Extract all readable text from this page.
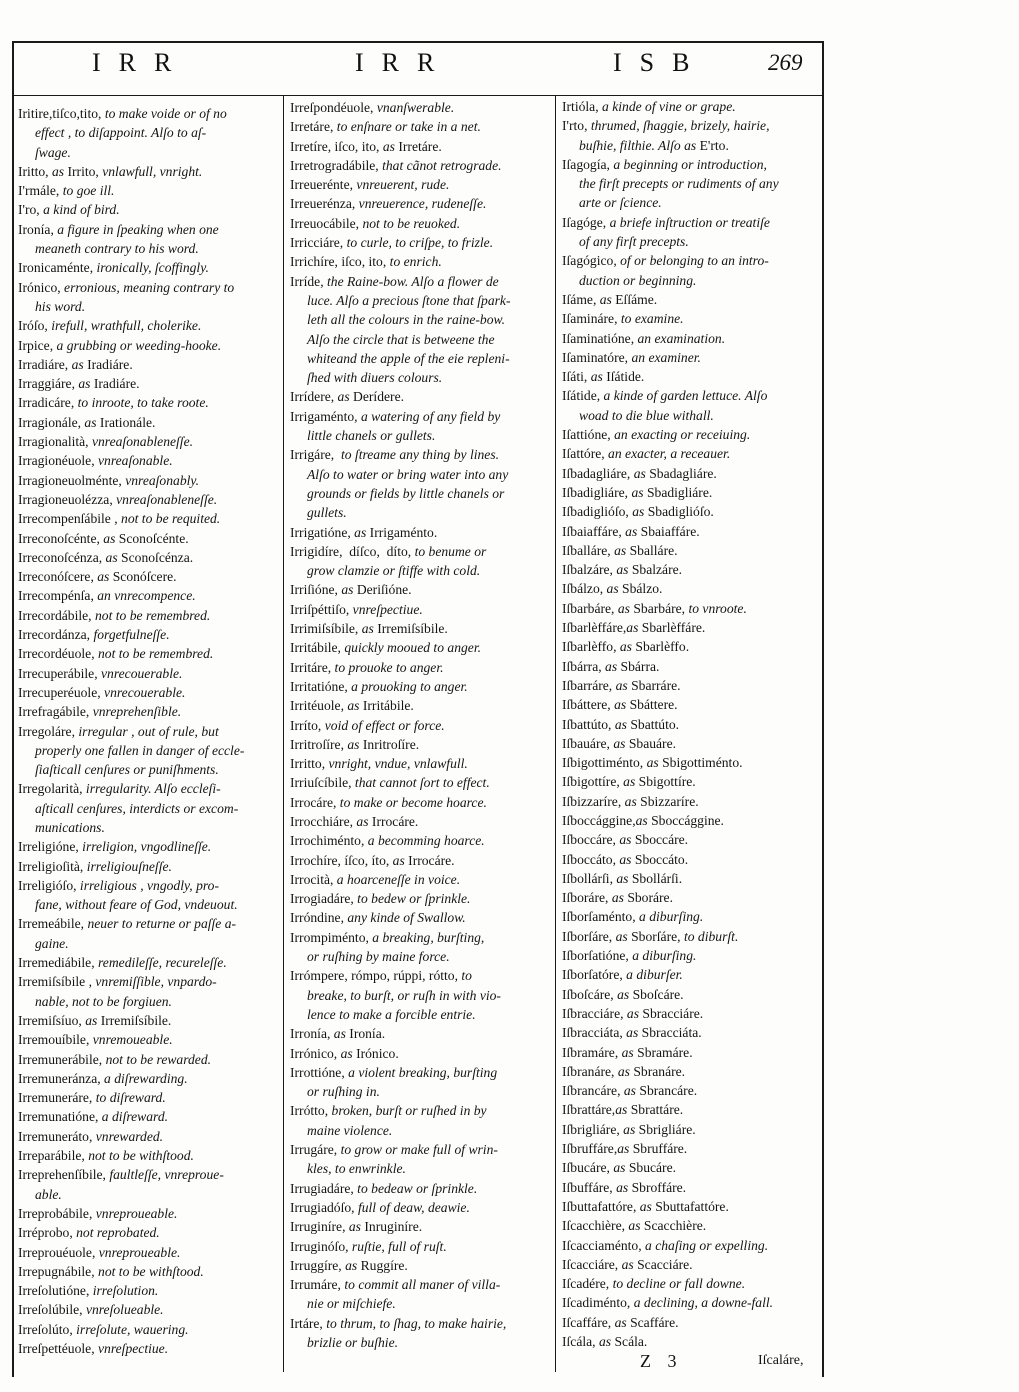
IRR	IRR	ISB	269
Iritire,tiſco,tito, to make voide or of no
effect , to diſappoint. Alſo to aſ-
ſwage.
Iritto, as Irrito, vnlawfull, vnright.
I'rmále, to goe ill.
I'ro, a kind of bird.
Ironía, a figure in ſpeaking when one
meaneth contrary to his word.
Ironicaménte, ironically, ſcoffingly.
Irónico, erronious, meaning contrary to
his word.
Iróſo, irefull, wrathfull, cholerike.
Irpice, a grubbing or weeding-hooke.
Irradiáre, as Iradiáre.
Irraggiáre, as Iradiáre.
Irradicáre, to inroote, to take roote.
Irragionále, as Irationále.
Irragionalità, vnreaſonableneſſe.
Irragionéuole, vnreaſonable.
Irragioneuolménte, vnreaſonably.
Irragioneuolézza, vnreaſonableneſſe.
Irrecompenſábile , not to be requited.
Irreconoſcénte, as Sconoſcénte.
Irreconoſcénza, as Sconoſcénza.
Irreconóſcere, as Sconóſcere.
Irrecompénſa, an vnrecompence.
Irrecordábile, not to be remembred.
Irrecordánza, forgetfulneſſe.
Irrecordéuole, not to be remembred.
Irrecuperábile, vnrecouerable.
Irrecuperéuole, vnrecouerable.
Irrefragábile, vnreprehenſible.
Irregoláre, irregular , out of rule, but
properly one fallen in danger of eccle-
ſiaſticall cenſures or puniſhments.
Irregolarità, irregularity. Alſo eccleſi-
aſticall cenſures, interdicts or excom-
munications.
Irreligióne, irreligion, vngodlineſſe.
Irreligioſità, irreligiouſneſſe.
Irreligióſo, irreligious , vngodly, pro-
fane, without feare of God, vndeuout.
Irremeábile, neuer to returne or paſſe a-
gaine.
Irremediábile, remedileſſe, recureleſſe.
Irremiſsíbile , vnremiſſible, vnpardo-
nable, not to be forgiuen.
Irremiſsíuo, as Irremiſsíbile.
Irremouíbile, vnremoueable.
Irremunerábile, not to be rewarded.
Irremuneránza, a diſrewarding.
Irremuneráre, to diſreward.
Irremunatióne, a diſreward.
Irremuneráto, vnrewarded.
Irreparábile, not to be withſtood.
Irreprehenſíbile, faultleſſe, vnreproue-
able.
Irreprobábile, vnreproueable.
Irréprobo, not reprobated.
Irreprouéuole, vnreproueable.
Irrepugnábile, not to be withſtood.
Irreſolutióne, irreſolution.
Irreſolúbile, vnreſolueable.
Irreſolúto, irreſolute, wauering.
Irreſpettéuole, vnreſpectiue.
Irreſpondéuole, vnanſwerable.
Irretáre, to enſnare or take in a net.
Irretíre, iſco, ito, as Irretáre.
Irretrogradábile, that cãnot retrograde.
Irreuerénte, vnreuerent, rude.
Irreuerénza, vnreuerence, rudeneſſe.
Irreuocábile, not to be reuoked.
Irricciáre, to curle, to criſpe, to frizle.
Irrichíre, iſco, ito, to enrich.
Irríde, the Raine-bow. Alſo a flower de
luce. Alſo a precious ſtone that ſpark-
leth all the colours in the raine-bow.
Alſo the circle that is betweene the
whiteand the apple of the eie repleni-
ſhed with diuers colours.
Irrídere, as Derídere.
Irrigaménto, a watering of any field by
little chanels or gullets.
Irrigáre,  to ſtreame any thing by lines.
Alſo to water or bring water into any
grounds or fields by little chanels or
gullets.
Irrigatióne, as Irrigaménto.
Irrigidíre,  díſco,  díto, to benume or
grow clamzie or ſtiffe with cold.
Irriſióne, as Deriſióne.
Irriſpéttiſo, vnreſpectiue.
Irrimiſsíbile, as Irremiſsíbile.
Irritábile, quickly mooued to anger.
Irritáre, to prouoke to anger.
Irritatióne, a prouoking to anger.
Irritéuole, as Irritábile.
Irríto, void of effect or force.
Irritroſíre, as Inritroſíre.
Irritto, vnright, vndue, vnlawfull.
Irriuſcíbile, that cannot ſort to effect.
Irrocáre, to make or become hoarce.
Irrocchiáre, as Irrocáre.
Irrochiménto, a becomming hoarce.
Irrochíre, íſco, íto, as Irrocáre.
Irrocità, a hoarceneſſe in voice.
Irrogiadáre, to bedew or ſprinkle.
Irróndine, any kinde of Swallow.
Irrompiménto, a breaking, burſting,
or ruſhing by maine force.
Irrómpere, rómpo, rúppi, rótto, to
breake, to burſt, or ruſh in with vio-
lence to make a forcible entrie.
Irronía, as Ironía.
Irrónico, as Irónico.
Irrottióne, a violent breaking, burſting
or ruſhing in.
Irrótto, broken, burſt or ruſhed in by
maine violence.
Irrugáre, to grow or make full of wrin-
kles, to enwrinkle.
Irrugiadáre, to bedeaw or ſprinkle.
Irrugiadóſo, full of deaw, deawie.
Irruginíre, as Inruginíre.
Irruginóſo, ruſtie, full of ruſt.
Irruggíre, as Ruggíre.
Irrumáre, to commit all maner of villa-
nie or miſchiefe.
Irtáre, to thrum, to ſhag, to make hairie,
brizlie or buſhie.
Irtióla, a kinde of vine or grape.
I'rto, thrumed, ſhaggie, brizely, hairie,
buſhie, filthie. Alſo as E'rto.
Iſagogía, a beginning or introduction,
the firſt precepts or rudiments of any
arte or ſcience.
Iſagóge, a briefe inſtruction or treatiſe
of any firſt precepts.
Iſagógico, of or belonging to an intro-
duction or beginning.
Iſáme, as Eſſáme.
Iſamináre, to examine.
Iſaminatióne, an examination.
Iſaminatóre, an examiner.
Iſáti, as Iſátide.
Iſátide, a kinde of garden lettuce. Alſo
woad to die blue withall.
Iſattióne, an exacting or receiuing.
Iſattóre, an exacter, a receauer.
Iſbadagliáre, as Sbadagliáre.
Iſbadigliáre, as Sbadigliáre.
Iſbadiglióſo, as Sbadiglióſo.
Iſbaiaffáre, as Sbaiaffáre.
Iſballáre, as Sballáre.
Iſbalzáre, as Sbalzáre.
Iſbálzo, as Sbálzo.
Iſbarbáre, as Sbarbáre, to vnroote.
Iſbarlèffáre,as Sbarlèffáre.
Iſbarlèffo, as Sbarlèffo.
Iſbárra, as Sbárra.
Iſbarráre, as Sbarráre.
Iſbáttere, as Sbáttere.
Iſbattúto, as Sbattúto.
Iſbauáre, as Sbauáre.
Iſbigottiménto, as Sbigottiménto.
Iſbigottíre, as Sbigottíre.
Iſbizzaríre, as Sbizzaríre.
Iſboccággine,as Sboccággine.
Iſboccáre, as Sboccáre.
Iſboccáto, as Sboccáto.
Iſbollárſi, as Sbollárſi.
Iſboráre, as Sboráre.
Iſborſaménto, a diburſing.
Iſborſáre, as Sborſáre, to diburſt.
Iſborſatióne, a diburſing.
Iſborſatóre, a diburſer.
Iſboſcáre, as Sboſcáre.
Iſbracciáre, as Sbracciáre.
Iſbracciáta, as Sbracciáta.
Iſbramáre, as Sbramáre.
Iſbranáre, as Sbranáre.
Iſbrancáre, as Sbrancáre.
Iſbrattáre,as Sbrattáre.
Iſbrigliáre, as Sbrigliáre.
Iſbruffáre,as Sbruffáre.
Iſbucáre, as Sbucáre.
Iſbuffáre, as Sbroffáre.
Iſbuttafattóre, as Sbuttafattóre.
Iſcacchière, as Scacchière.
Iſcacciaménto, a chaſing or expelling.
Iſcacciáre, as Scacciáre.
Iſcadére, to decline or fall downe.
Iſcadiménto, a declining, a downe-fall.
Iſcaffáre, as Scaffáre.
Iſcála, as Scála.
Z 3	Iſcaláre,
